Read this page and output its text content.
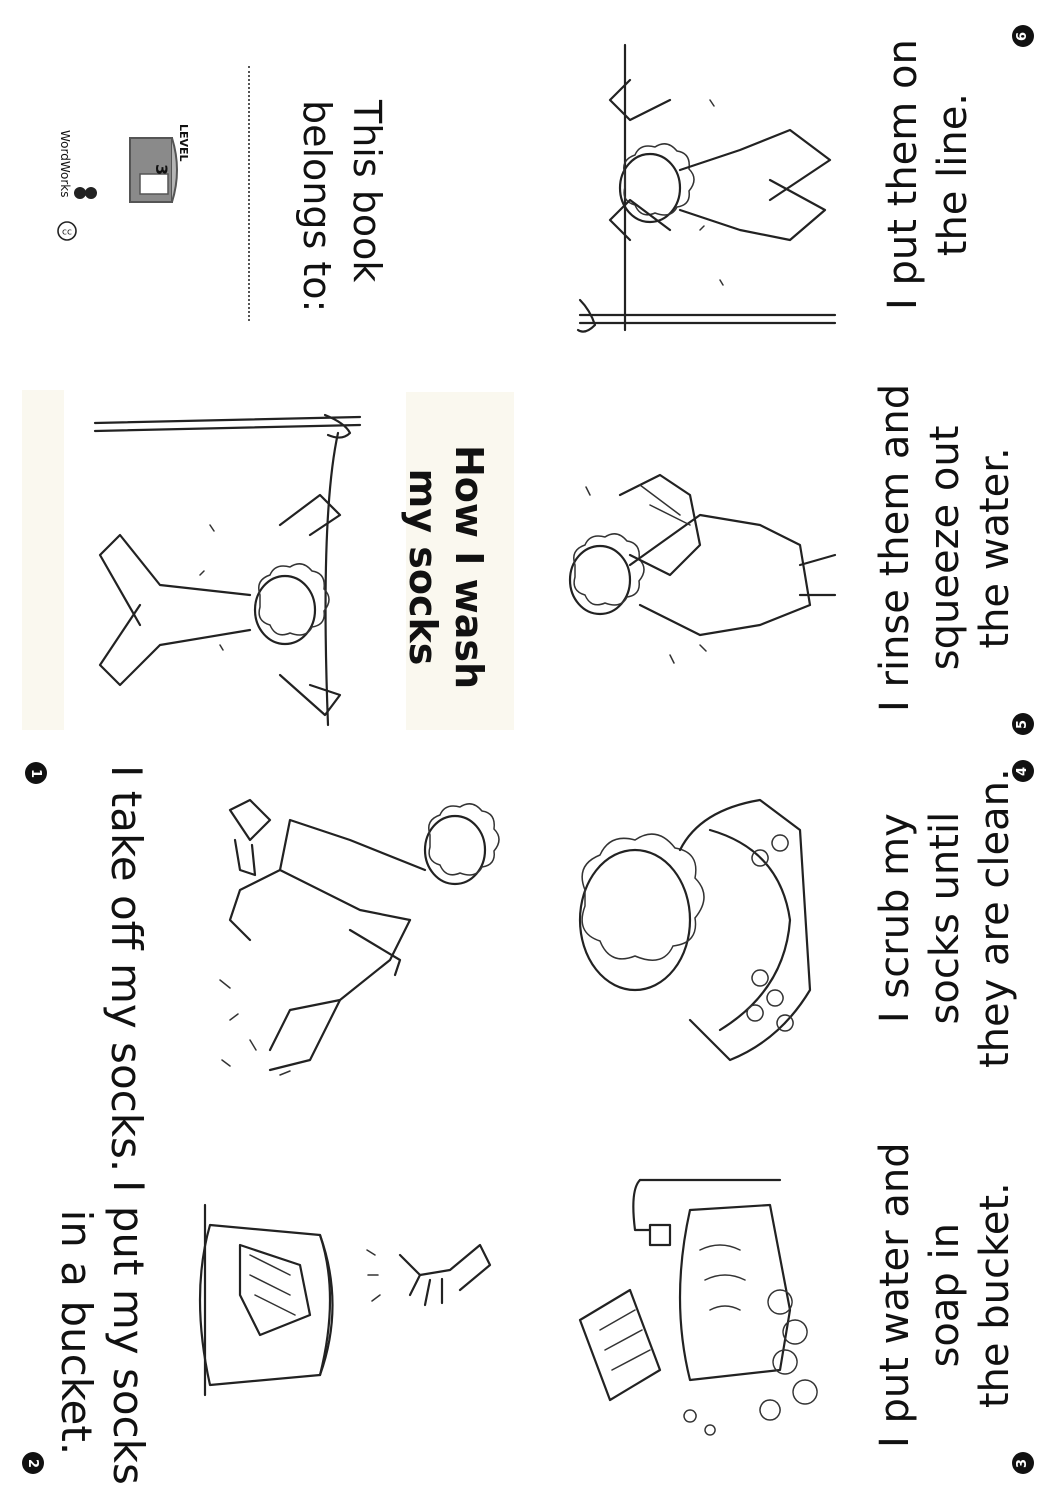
This book
belongs to:
LEVEL
3
WordWorks
cc
How I wash
my socks
1 I take off my socks.
2 I put my socks
in a bucket.
6
I put them on the line.
5
I rinse them and squeeze out the water.
4
I scrub my socks until they are clean.
3
I put water and soap in the bucket.
